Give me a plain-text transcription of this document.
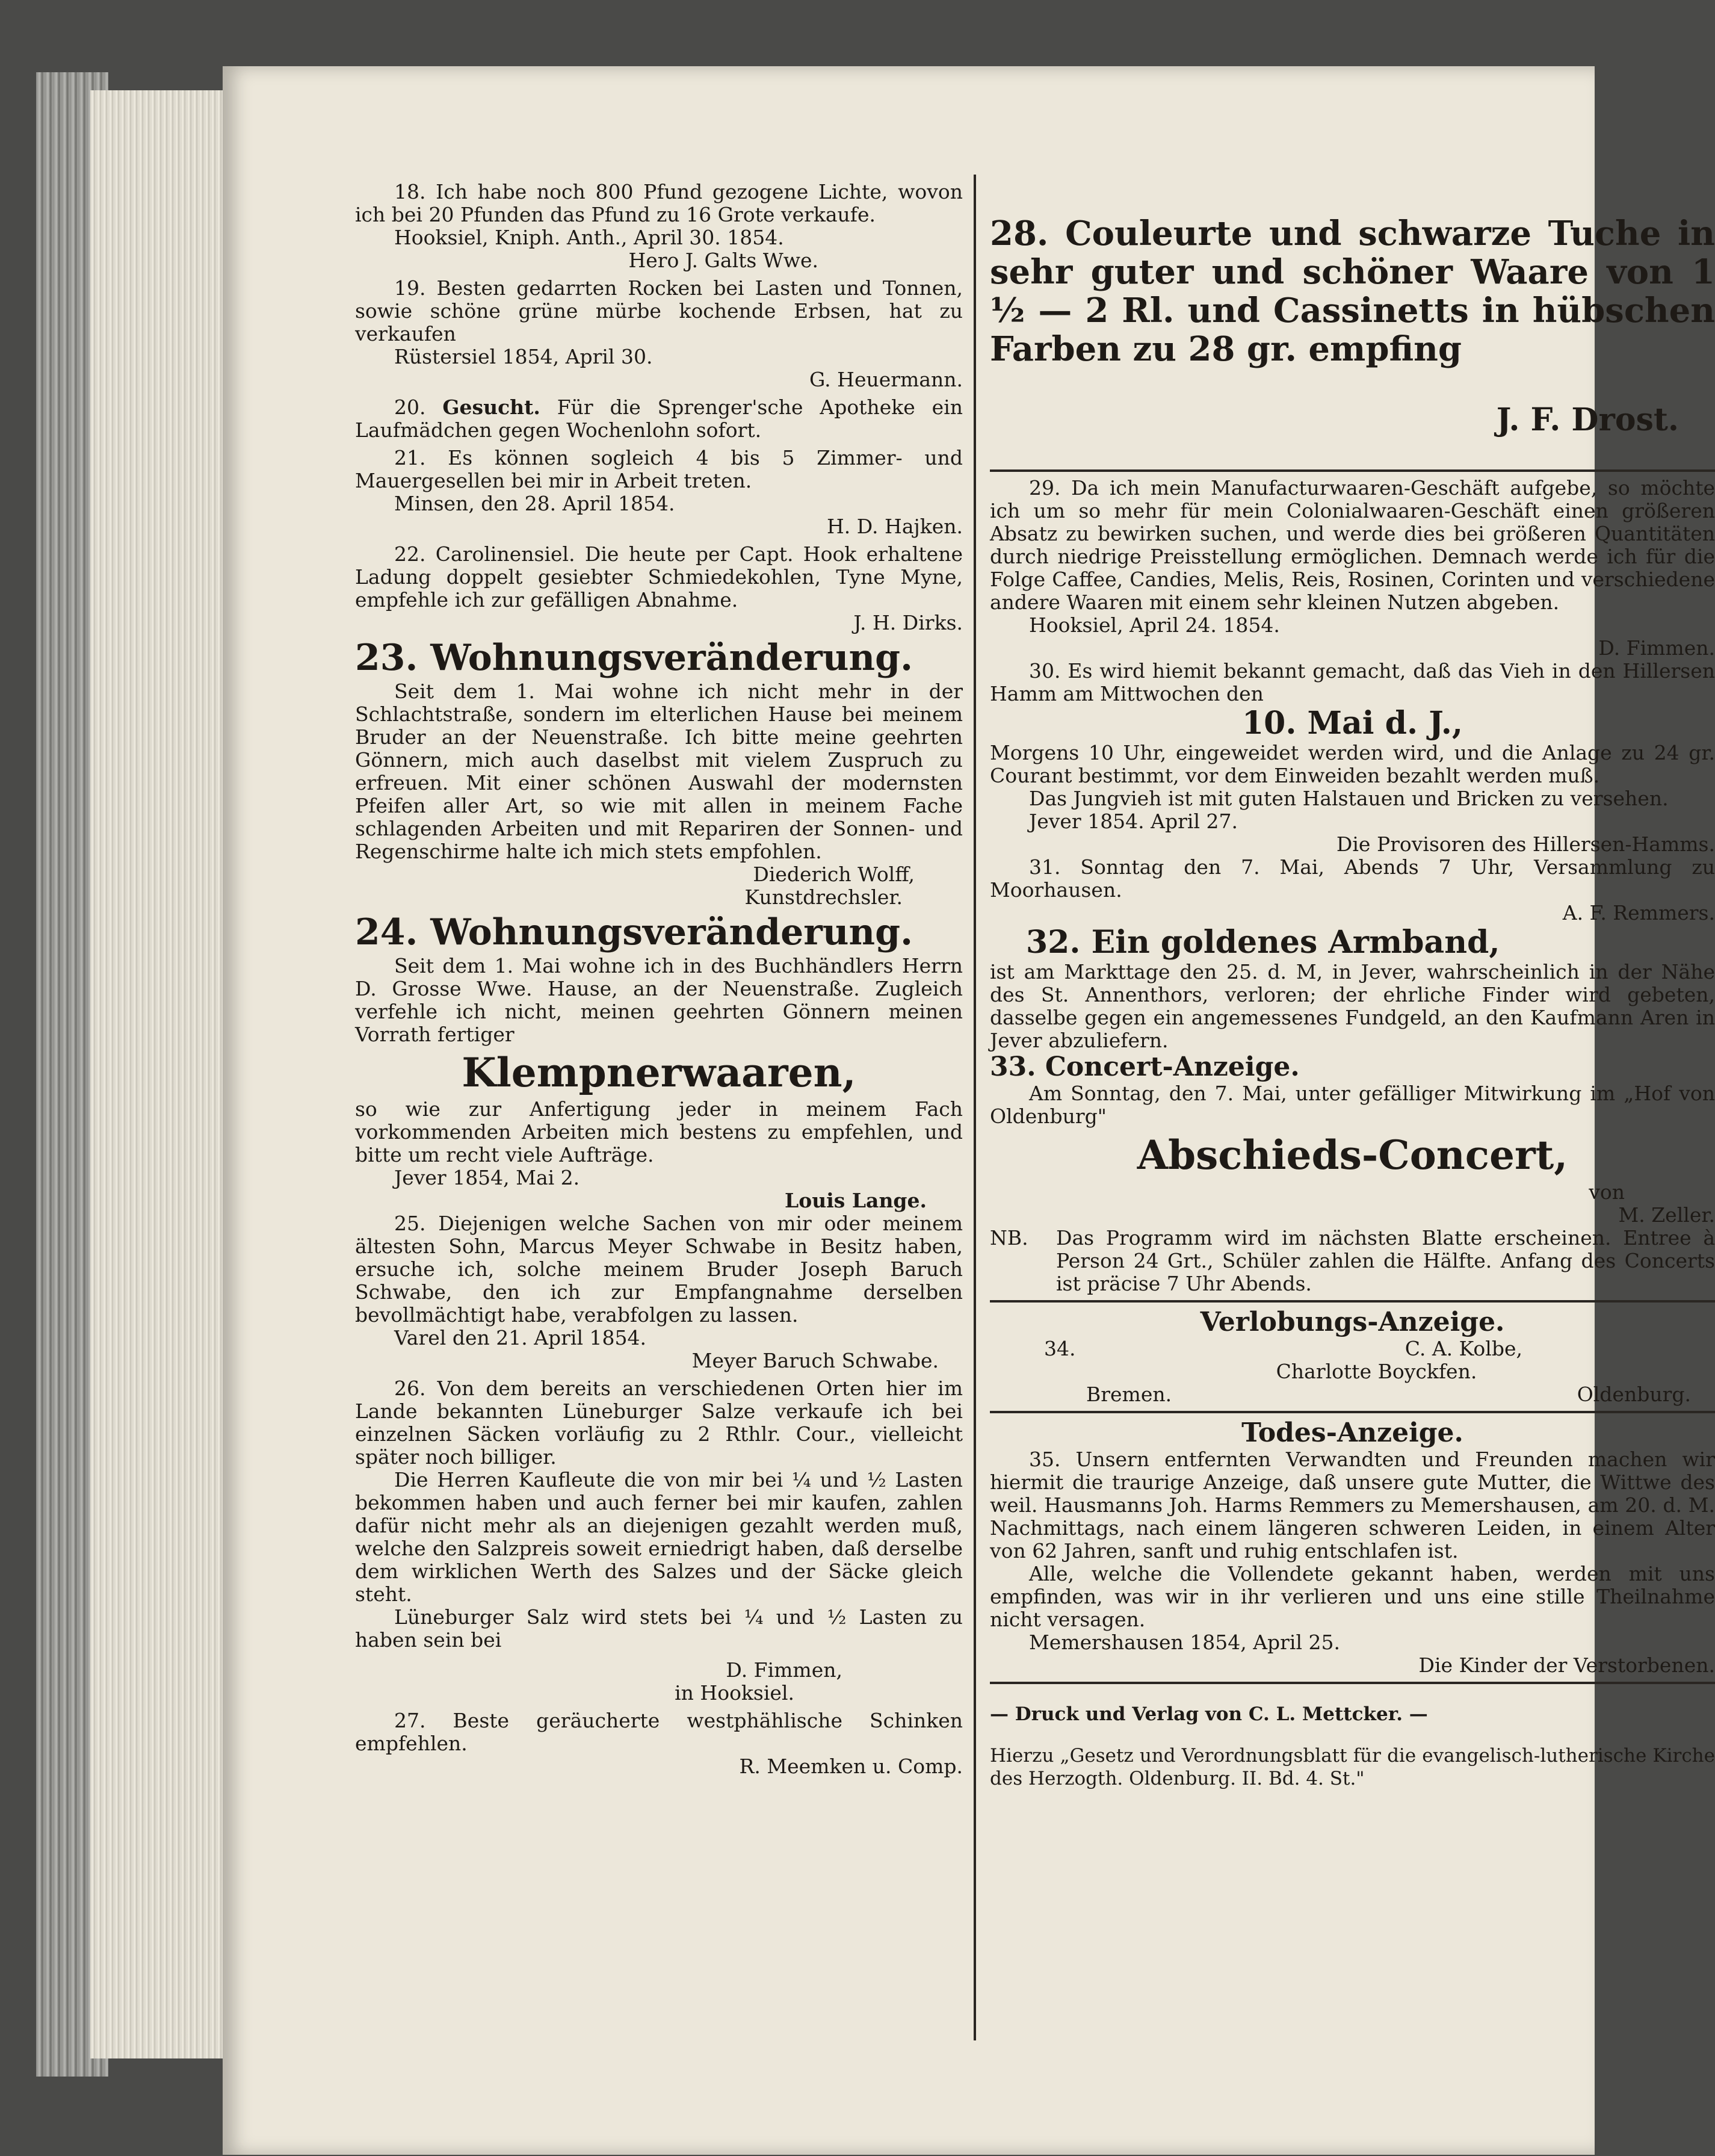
18. Ich habe noch 800 Pfund gezogene Lichte, wovon ich bei 20 Pfunden das Pfund zu 16 Grote verkaufe.

Hooksiel, Kniph. Anth., April 30. 1854.

Hero J. Galts Wwe.

19. Besten gedarrten Rocken bei Lasten und Tonnen, sowie schöne grüne mürbe kochende Erbsen, hat zu verkaufen

Rüstersiel 1854, April 30.

G. Heuermann.

20. Gesucht. Für die Sprenger'sche Apotheke ein Laufmädchen gegen Wochenlohn sofort.

21. Es können sogleich 4 bis 5 Zimmer- und Mauergesellen bei mir in Arbeit treten.

Minsen, den 28. April 1854.

H. D. Hajken.

22. Carolinensiel. Die heute per Capt. Hook erhaltene Ladung doppelt gesiebter Schmiedekohlen, Tyne Myne, empfehle ich zur gefälligen Abnahme.

J. H. Dirks.

23. Wohnungsveränderung.

Seit dem 1. Mai wohne ich nicht mehr in der Schlachtstraße, sondern im elterlichen Hause bei meinem Bruder an der Neuenstraße. Ich bitte meine geehrten Gönnern, mich auch daselbst mit vielem Zuspruch zu erfreuen. Mit einer schönen Auswahl der modernsten Pfeifen aller Art, so wie mit allen in meinem Fache schlagenden Arbeiten und mit Repariren der Sonnen- und Regenschirme halte ich mich stets empfohlen.

Diederich Wolff,

Kunstdrechsler.

24. Wohnungsveränderung.

Seit dem 1. Mai wohne ich in des Buchhändlers Herrn D. Grosse Wwe. Hause, an der Neuenstraße. Zugleich verfehle ich nicht, meinen geehrten Gönnern meinen Vorrath fertiger

Klempnerwaaren,

so wie zur Anfertigung jeder in meinem Fach vorkommenden Arbeiten mich bestens zu empfehlen, und bitte um recht viele Aufträge.

Jever 1854, Mai 2.

Louis Lange.

25. Diejenigen welche Sachen von mir oder meinem ältesten Sohn, Marcus Meyer Schwabe in Besitz haben, ersuche ich, solche meinem Bruder Joseph Baruch Schwabe, den ich zur Empfangnahme derselben bevollmächtigt habe, verabfolgen zu lassen.

Varel den 21. April 1854.

Meyer Baruch Schwabe.

26. Von dem bereits an verschiedenen Orten hier im Lande bekannten Lüneburger Salze verkaufe ich bei einzelnen Säcken vorläufig zu 2 Rthlr. Cour., vielleicht später noch billiger.

Die Herren Kaufleute die von mir bei ¼ und ½ Lasten bekommen haben und auch ferner bei mir kaufen, zahlen dafür nicht mehr als an diejenigen gezahlt werden muß, welche den Salzpreis soweit erniedrigt haben, daß derselbe dem wirklichen Werth des Salzes und der Säcke gleich steht.

Lüneburger Salz wird stets bei ¼ und ½ Lasten zu haben sein bei

D. Fimmen,

in Hooksiel.

27. Beste geräucherte westphählische Schinken empfehlen.

R. Meemken u. Comp.

28. Couleurte und schwarze Tuche in sehr guter und schöner Waare von 1 ½ — 2 Rl. und Cassinetts in hübschen Farben zu 28 gr. empfing

J. F. Drost.

29. Da ich mein Manufacturwaaren-Geschäft aufgebe, so möchte ich um so mehr für mein Colonialwaaren-Geschäft einen größeren Absatz zu bewirken suchen, und werde dies bei größeren Quantitäten durch niedrige Preisstellung ermöglichen. Demnach werde ich für die Folge Caffee, Candies, Melis, Reis, Rosinen, Corinten und verschiedene andere Waaren mit einem sehr kleinen Nutzen abgeben.

Hooksiel, April 24. 1854.

D. Fimmen.

30. Es wird hiemit bekannt gemacht, daß das Vieh in den Hillersen Hamm am Mittwochen den

10. Mai d. J.,

Morgens 10 Uhr, eingeweidet werden wird, und die Anlage zu 24 gr. Courant bestimmt, vor dem Einweiden bezahlt werden muß.

Das Jungvieh ist mit guten Halstauen und Bricken zu versehen.

Jever 1854. April 27.

Die Provisoren des Hillersen-Hamms.

31. Sonntag den 7. Mai, Abends 7 Uhr, Versammlung zu Moorhausen.

A. F. Remmers.

32. Ein goldenes Armband,

ist am Markttage den 25. d. M, in Jever, wahrscheinlich in der Nähe des St. Annenthors, verloren; der ehrliche Finder wird gebeten, dasselbe gegen ein angemessenes Fundgeld, an den Kaufmann Aren in Jever abzuliefern.

33. Concert-Anzeige.

Am Sonntag, den 7. Mai, unter gefälliger Mitwirkung im „Hof von Oldenburg"

Abschieds-Concert,

von

M. Zeller.

NB.	Das Programm wird im nächsten Blatte erscheinen. Entree à Person 24 Grt., Schüler zahlen die Hälfte. Anfang des Concerts ist präcise 7 Uhr Abends.
Verlobungs-Anzeige.
34.	C. A. Kolbe,

Charlotte Boyckfen.

Bremen.	Oldenburg.
Todes-Anzeige.

35. Unsern entfernten Verwandten und Freunden machen wir hiermit die traurige Anzeige, daß unsere gute Mutter, die Wittwe des weil. Hausmanns Joh. Harms Remmers zu Memershausen, am 20. d. M. Nachmittags, nach einem längeren schweren Leiden, in einem Alter von 62 Jahren, sanft und ruhig entschlafen ist.

Alle, welche die Vollendete gekannt haben, werden mit uns empfinden, was wir in ihr verlieren und uns eine stille Theilnahme nicht versagen.

Memershausen 1854, April 25.

Die Kinder der Verstorbenen.

— Druck und Verlag von C. L. Mettcker. —

Hierzu „Gesetz und Verordnungsblatt für die evangelisch-lutherische Kirche des Herzogth. Oldenburg. II. Bd. 4. St."
